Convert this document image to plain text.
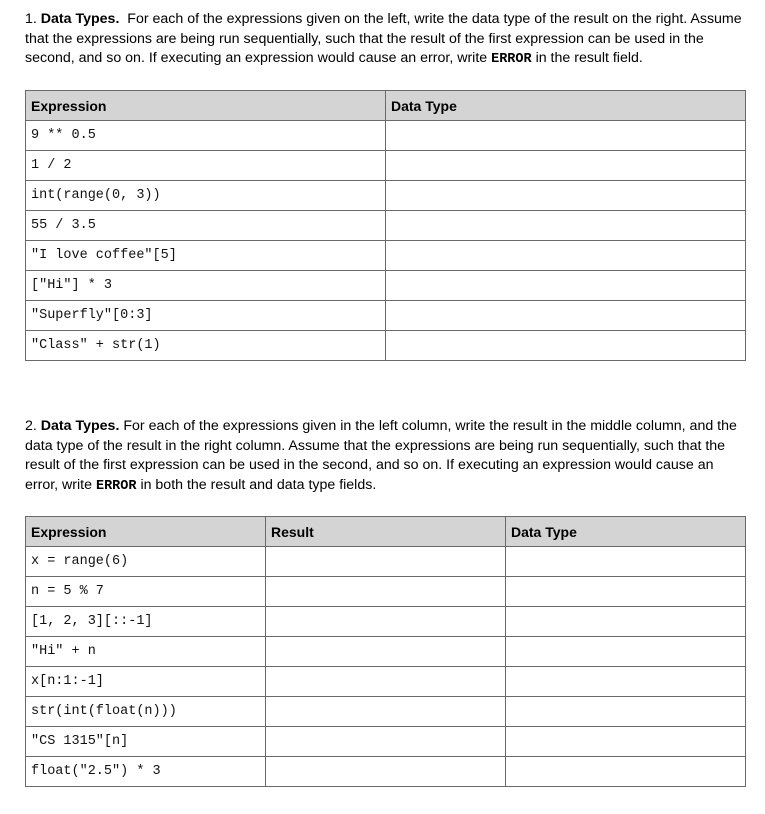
1. Data Types. For each of the expressions given on the left, write the data type of the result on the right. Assume that the expressions are being run sequentially, such that the result of the first expression can be used in the second, and so on. If executing an expression would cause an error, write ERROR in the result field.

Expression	Data Type
9 ** 0.5	
1 / 2	
int(range(0, 3))	
55 / 3.5	
"I love coffee"[5]	
["Hi"] * 3	
"Superfly"[0:3]	
"Class" + str(1)	

2. Data Types. For each of the expressions given in the left column, write the result in the middle column, and the data type of the result in the right column. Assume that the expressions are being run sequentially, such that the result of the first expression can be used in the second, and so on. If executing an expression would cause an error, write ERROR in both the result and data type fields.

Expression	Result	Data Type
x = range(6)		
n = 5 % 7		
[1, 2, 3][::-1]		
"Hi" + n		
x[n:1:-1]		
str(int(float(n)))		
"CS 1315"[n]		
float("2.5") * 3		
